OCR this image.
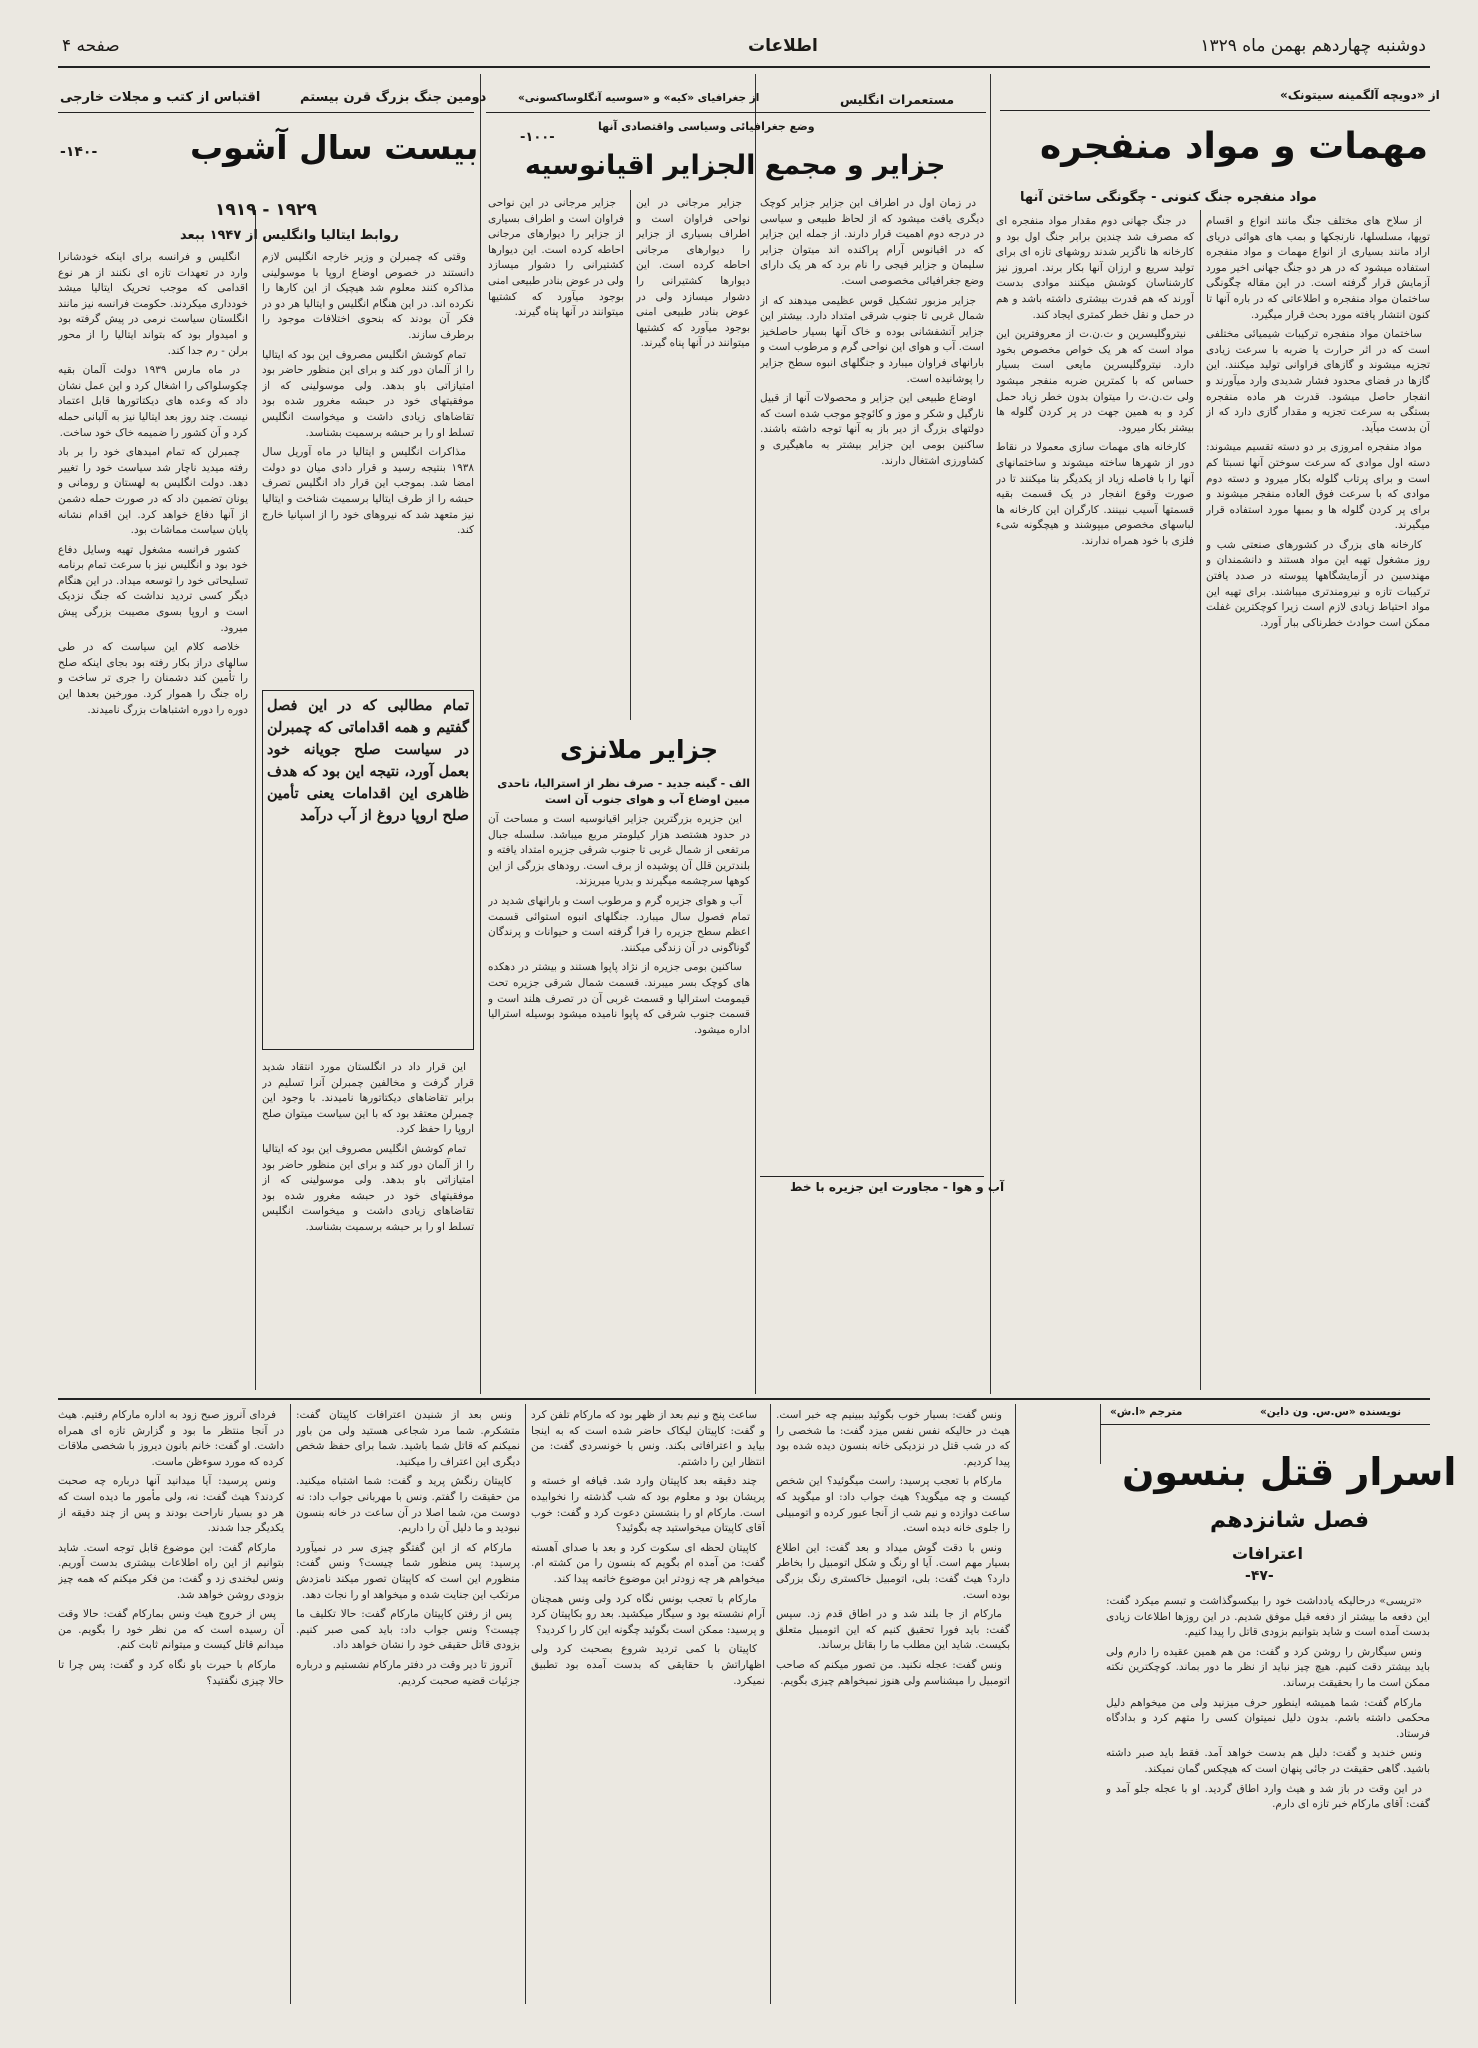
صفحه ۴	اطلاعات	دوشنبه چهاردهم بهمن ماه ۱۳۲۹
از «دویچه آلگمینه سیتونک»
مهمات و مواد منفجره
مواد منفجره جنگ کنونی - چگونگی ساختن آنها

از سلاح های مختلف جنگ مانند انواع و اقسام توپها، مسلسلها، نارنجکها و بمب های هوائی دریای اراد مانند بسیاری از انواع مهمات و مواد منفجره استفاده میشود که در هر دو جنگ جهانی اخیر مورد آزمایش قرار گرفته است. در این مقاله چگونگی ساختمان مواد منفجره و اطلاعاتی که در باره آنها تا کنون انتشار یافته مورد بحث قرار میگیرد.

ساختمان مواد منفجره ترکیبات شیمیائی مختلفی است که در اثر حرارت یا ضربه با سرعت زیادی تجزیه میشوند و گازهای فراوانی تولید میکنند. این گازها در فضای محدود فشار شدیدی وارد میآورند و انفجار حاصل میشود. قدرت هر ماده منفجره بستگی به سرعت تجزیه و مقدار گازی دارد که از آن بدست میآید.

مواد منفجره امروزی بر دو دسته تقسیم میشوند: دسته اول موادی که سرعت سوختن آنها نسبتا کم است و برای پرتاب گلوله بکار میرود و دسته دوم موادی که با سرعت فوق العاده منفجر میشوند و برای پر کردن گلوله ها و بمبها مورد استفاده قرار میگیرند.

کارخانه های بزرگ در کشورهای صنعتی شب و روز مشغول تهیه این مواد هستند و دانشمندان و مهندسین در آزمایشگاهها پیوسته در صدد یافتن ترکیبات تازه و نیرومندتری میباشند. برای تهیه این مواد احتیاط زیادی لازم است زیرا کوچکترین غفلت ممکن است حوادث خطرناکی ببار آورد.

در جنگ جهانی دوم مقدار مواد منفجره ای که مصرف شد چندین برابر جنگ اول بود و کارخانه ها ناگزیر شدند روشهای تازه ای برای تولید سریع و ارزان آنها بکار برند. امروز نیز کارشناسان کوشش میکنند موادی بدست آورند که هم قدرت بیشتری داشته باشد و هم در حمل و نقل خطر کمتری ایجاد کند.

نیتروگلیسرین و ت.ن.ت از معروفترین این مواد است که هر یک خواص مخصوص بخود دارد. نیتروگلیسرین مایعی است بسیار حساس که با کمترین ضربه منفجر میشود ولی ت.ن.ت را میتوان بدون خطر زیاد حمل کرد و به همین جهت در پر کردن گلوله ها بیشتر بکار میرود.

کارخانه های مهمات سازی معمولا در نقاط دور از شهرها ساخته میشوند و ساختمانهای آنها را با فاصله زیاد از یکدیگر بنا میکنند تا در صورت وقوع انفجار در یک قسمت بقیه قسمتها آسیب نبینند. کارگران این کارخانه ها لباسهای مخصوص میپوشند و هیچگونه شیء فلزی با خود همراه ندارند.

مستعمرات انگلیس
از جغرافیای «کیه» و «سوسیه آنگلوساکسونی»
وضع جغرافیائی وسیاسی واقتصادی آنها
-۱۰۰-
جزایر و مجمع الجزایر اقیانوسیه

در زمان اول در اطراف این جزایر جزایر کوچک دیگری یافت میشود که از لحاظ طبیعی و سیاسی در درجه دوم اهمیت قرار دارند. از جمله این جزایر که در اقیانوس آرام پراکنده اند میتوان جزایر سلیمان و جزایر فیجی را نام برد که هر یک دارای وضع جغرافیائی مخصوصی است.

جزایر مزبور تشکیل قوس عظیمی میدهند که از شمال غربی تا جنوب شرقی امتداد دارد. بیشتر این جزایر آتشفشانی بوده و خاک آنها بسیار حاصلخیز است. آب و هوای این نواحی گرم و مرطوب است و بارانهای فراوان میبارد و جنگلهای انبوه سطح جزایر را پوشانیده است.

اوضاع طبیعی این جزایر و محصولات آنها از قبیل نارگیل و شکر و موز و کائوچو موجب شده است که دولتهای بزرگ از دیر باز به آنها توجه داشته باشند. ساکنین بومی این جزایر بیشتر به ماهیگیری و کشاورزی اشتغال دارند.

جزایر مرجانی در این نواحی فراوان است و اطراف بسیاری از جزایر را دیوارهای مرجانی احاطه کرده است. این دیوارها کشتیرانی را دشوار میسازد ولی در عوض بنادر طبیعی امنی بوجود میآورد که کشتیها میتوانند در آنها پناه گیرند.

جزایر مرجانی در این نواحی فراوان است و اطراف بسیاری از جزایر را دیوارهای مرجانی احاطه کرده است. این دیوارها کشتیرانی را دشوار میسازد ولی در عوض بنادر طبیعی امنی بوجود میآورد که کشتیها میتوانند در آنها پناه گیرند.

جزایر ملانزی
الف - گینه جدید - صرف نظر از استرالیا، تاحدی مبین اوضاع آب و هوای جنوب آن است

این جزیره بزرگترین جزایر اقیانوسیه است و مساحت آن در حدود هشتصد هزار کیلومتر مربع میباشد. سلسله جبال مرتفعی از شمال غربی تا جنوب شرقی جزیره امتداد یافته و بلندترین قلل آن پوشیده از برف است. رودهای بزرگی از این کوهها سرچشمه میگیرند و بدریا میریزند.

آب و هوای جزیره گرم و مرطوب است و بارانهای شدید در تمام فصول سال میبارد. جنگلهای انبوه استوائی قسمت اعظم سطح جزیره را فرا گرفته است و حیوانات و پرندگان گوناگونی در آن زندگی میکنند.

ساکنین بومی جزیره از نژاد پاپوا هستند و بیشتر در دهکده های کوچک بسر میبرند. قسمت شمال شرقی جزیره تحت قیمومت استرالیا و قسمت غربی آن در تصرف هلند است و قسمت جنوب شرقی که پاپوا نامیده میشود بوسیله استرالیا اداره میشود.

آب و هوا - مجاورت این جزیره با خط
دومین جنگ بزرگ قرن بیستم
اقتباس از کتب و مجلات خارجی
-۱۴۰-	بیست سال آشوب
۱۹۲۹ - ۱۹۱۹
روابط ایتالیا وانگلیس از ۱۹۴۷ ببعد

وقتی که چمبرلن و وزیر خارجه انگلیس لازم دانستند در خصوص اوضاع اروپا با موسولینی مذاکره کنند معلوم شد هیچیک از این کارها را نکرده اند. در این هنگام انگلیس و ایتالیا هر دو در فکر آن بودند که بنحوی اختلافات موجود را برطرف سازند.

تمام کوشش انگلیس مصروف این بود که ایتالیا را از آلمان دور کند و برای این منظور حاضر بود امتیازاتی باو بدهد. ولی موسولینی که از موفقیتهای خود در حبشه مغرور شده بود تقاضاهای زیادی داشت و میخواست انگلیس تسلط او را بر حبشه برسمیت بشناسد.

مذاکرات انگلیس و ایتالیا در ماه آوریل سال ۱۹۳۸ بنتیجه رسید و قرار دادی میان دو دولت امضا شد. بموجب این قرار داد انگلیس تصرف حبشه را از طرف ایتالیا برسمیت شناخت و ایتالیا نیز متعهد شد که نیروهای خود را از اسپانیا خارج کند.

تمام مطالبی که در این فصل گفتیم و همه اقداماتی که چمبرلن در سیاست صلح جویانه خود بعمل آورد، نتیجه این بود که هدف ظاهری این اقدامات یعنی تأمین صلح اروپا دروغ از آب درآمد

این قرار داد در انگلستان مورد انتقاد شدید قرار گرفت و مخالفین چمبرلن آنرا تسلیم در برابر تقاضاهای دیکتاتورها نامیدند. با وجود این چمبرلن معتقد بود که با این سیاست میتوان صلح اروپا را حفظ کرد.

تمام کوشش انگلیس مصروف این بود که ایتالیا را از آلمان دور کند و برای این منظور حاضر بود امتیازاتی باو بدهد. ولی موسولینی که از موفقیتهای خود در حبشه مغرور شده بود تقاضاهای زیادی داشت و میخواست انگلیس تسلط او را بر حبشه برسمیت بشناسد.

انگلیس و فرانسه برای اینکه خودشانرا وارد در تعهدات تازه ای نکنند از هر نوع اقدامی که موجب تحریک ایتالیا میشد خودداری میکردند. حکومت فرانسه نیز مانند انگلستان سیاست نرمی در پیش گرفته بود و امیدوار بود که بتواند ایتالیا را از محور برلن - رم جدا کند.

در ماه مارس ۱۹۳۹ دولت آلمان بقیه چکوسلواکی را اشغال کرد و این عمل نشان داد که وعده های دیکتاتورها قابل اعتماد نیست. چند روز بعد ایتالیا نیز به آلبانی حمله کرد و آن کشور را ضمیمه خاک خود ساخت.

چمبرلن که تمام امیدهای خود را بر باد رفته میدید ناچار شد سیاست خود را تغییر دهد. دولت انگلیس به لهستان و رومانی و یونان تضمین داد که در صورت حمله دشمن از آنها دفاع خواهد کرد. این اقدام نشانه پایان سیاست مماشات بود.

کشور فرانسه مشغول تهیه وسایل دفاع خود بود و انگلیس نیز با سرعت تمام برنامه تسلیحاتی خود را توسعه میداد. در این هنگام دیگر کسی تردید نداشت که جنگ نزدیک است و اروپا بسوی مصیبت بزرگی پیش میرود.

خلاصه کلام این سیاست که در طی سالهای دراز بکار رفته بود بجای اینکه صلح را تأمین کند دشمنان را جری تر ساخت و راه جنگ را هموار کرد. مورخین بعدها این دوره را دوره اشتباهات بزرگ نامیدند.

نویسنده «س.س. ون داین»
مترجم «ا.ش»
اسرار قتل بنسون
فصل شانزدهم
اعترافات
-۴۷-

«تریسی» درحالیکه یادداشت خود را بیکسوگذاشت و تبسم میکرد گفت: این دفعه ما بیشتر از دفعه قبل موفق شدیم. در این روزها اطلاعات زیادی بدست آمده است و شاید بتوانیم بزودی قاتل را پیدا کنیم.

ونس سیگارش را روشن کرد و گفت: من هم همین عقیده را دارم ولی باید بیشتر دقت کنیم. هیچ چیز نباید از نظر ما دور بماند. کوچکترین نکته ممکن است ما را بحقیقت برساند.

مارکام گفت: شما همیشه اینطور حرف میزنید ولی من میخواهم دلیل محکمی داشته باشم. بدون دلیل نمیتوان کسی را متهم کرد و بدادگاه فرستاد.

ونس خندید و گفت: دلیل هم بدست خواهد آمد. فقط باید صبر داشته باشید. گاهی حقیقت در جائی پنهان است که هیچکس گمان نمیکند.

در این وقت در باز شد و هیث وارد اطاق گردید. او با عجله جلو آمد و گفت: آقای مارکام خبر تازه ای دارم.

ونس گفت: بسیار خوب بگوئید ببینیم چه خبر است. هیث در حالیکه نفس نفس میزد گفت: ما شخصی را که در شب قتل در نزدیکی خانه بنسون دیده شده بود پیدا کردیم.

مارکام با تعجب پرسید: راست میگوئید؟ این شخص کیست و چه میگوید؟ هیث جواب داد: او میگوید که ساعت دوازده و نیم شب از آنجا عبور کرده و اتومبیلی را جلوی خانه دیده است.

ونس با دقت گوش میداد و بعد گفت: این اطلاع بسیار مهم است. آیا او رنگ و شکل اتومبیل را بخاطر دارد؟ هیث گفت: بلی، اتومبیل خاکستری رنگ بزرگی بوده است.

مارکام از جا بلند شد و در اطاق قدم زد. سپس گفت: باید فورا تحقیق کنیم که این اتومبیل متعلق بکیست. شاید این مطلب ما را بقاتل برساند.

ونس گفت: عجله نکنید. من تصور میکنم که صاحب اتومبیل را میشناسم ولی هنوز نمیخواهم چیزی بگویم.

ساعت پنج و نیم بعد از ظهر بود که مارکام تلفن کرد و گفت: کاپیتان لیکاک حاضر شده است که به اینجا بیاید و اعترافاتی بکند. ونس با خونسردی گفت: من انتظار این را داشتم.

چند دقیقه بعد کاپیتان وارد شد. قیافه او خسته و پریشان بود و معلوم بود که شب گذشته را نخوابیده است. مارکام او را بنشستن دعوت کرد و گفت: خوب آقای کاپیتان میخواستید چه بگوئید؟

کاپیتان لحظه ای سکوت کرد و بعد با صدای آهسته گفت: من آمده ام بگویم که بنسون را من کشته ام. میخواهم هر چه زودتر این موضوع خاتمه پیدا کند.

مارکام با تعجب بونس نگاه کرد ولی ونس همچنان آرام نشسته بود و سیگار میکشید. بعد رو بکاپیتان کرد و پرسید: ممکن است بگوئید چگونه این کار را کردید؟

کاپیتان با کمی تردید شروع بصحبت کرد ولی اظهاراتش با حقایقی که بدست آمده بود تطبیق نمیکرد.

ونس بعد از شنیدن اعترافات کاپیتان گفت: متشکرم. شما مرد شجاعی هستید ولی من باور نمیکنم که قاتل شما باشید. شما برای حفظ شخص دیگری این اعتراف را میکنید.

کاپیتان رنگش پرید و گفت: شما اشتباه میکنید. من حقیقت را گفتم. ونس با مهربانی جواب داد: نه دوست من، شما اصلا در آن ساعت در خانه بنسون نبودید و ما دلیل آن را داریم.

مارکام که از این گفتگو چیزی سر در نمیآورد پرسید: پس منظور شما چیست؟ ونس گفت: منظورم این است که کاپیتان تصور میکند نامزدش مرتکب این جنایت شده و میخواهد او را نجات دهد.

پس از رفتن کاپیتان مارکام گفت: حالا تکلیف ما چیست؟ ونس جواب داد: باید کمی صبر کنیم. بزودی قاتل حقیقی خود را نشان خواهد داد.

آنروز تا دیر وقت در دفتر مارکام نشستیم و درباره جزئیات قضیه صحبت کردیم.

فردای آنروز صبح زود به اداره مارکام رفتیم. هیث در آنجا منتظر ما بود و گزارش تازه ای همراه داشت. او گفت: خانم بانون دیروز با شخصی ملاقات کرده که مورد سوءظن ماست.

ونس پرسید: آیا میدانید آنها درباره چه صحبت کردند؟ هیث گفت: نه، ولی مأمور ما دیده است که هر دو بسیار ناراحت بودند و پس از چند دقیقه از یکدیگر جدا شدند.

مارکام گفت: این موضوع قابل توجه است. شاید بتوانیم از این راه اطلاعات بیشتری بدست آوریم. ونس لبخندی زد و گفت: من فکر میکنم که همه چیز بزودی روشن خواهد شد.

پس از خروج هیث ونس بمارکام گفت: حالا وقت آن رسیده است که من نظر خود را بگویم. من میدانم قاتل کیست و میتوانم ثابت کنم.

مارکام با حیرت باو نگاه کرد و گفت: پس چرا تا حالا چیزی نگفتید؟
